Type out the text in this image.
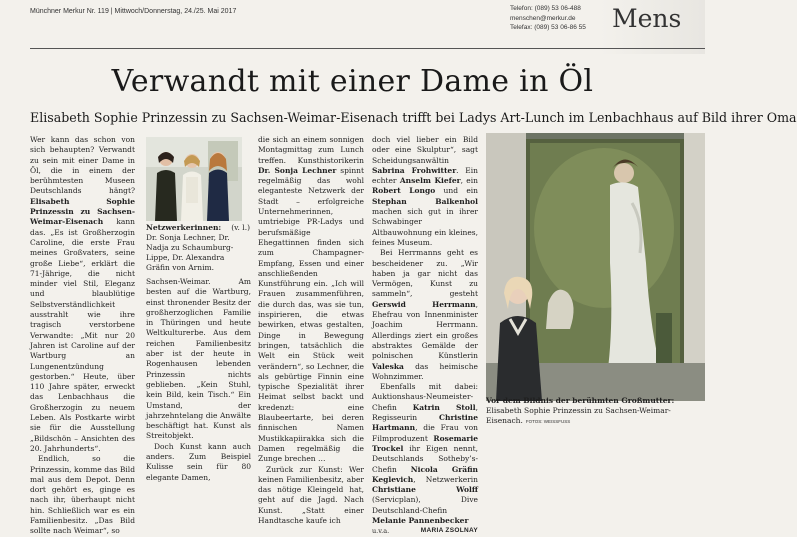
Münchner Merkur Nr. 119 | Mittwoch/Donnerstag, 24./25. Mai 2017	Telefon: (089) 53 06-488
menschen@merkur.de
Telefax: (089) 53 06-86 55 Mens
Verwandt mit einer Dame in Öl
Elisabeth Sophie Prinzessin zu Sachsen-Weimar-Eisenach trifft bei Ladys Art-Lunch im Lenbachhaus auf Bild ihrer Oma

Wer kann das schon von sich behaupten? Verwandt zu sein mit einer Dame in Öl, die in einem der berühmtesten Museen Deutschlands hängt? Elisabeth Sophie Prinzessin zu Sachsen-Weimar-Eisenach kann das. „Es ist Großherzogin Caroline, die erste Frau meines Großvaters, seine große Liebe“, erklärt die 71-Jährige, die nicht minder viel Stil, Eleganz und blaublütige Selbstverständlichkeit ausstrahlt wie ihre tragisch verstorbene Verwandte: „Mit nur 20 Jahren ist Caroline auf der Wartburg an Lungenentzündung gestorben.“ Heute, über 110 Jahre später, erweckt das Lenbachhaus die Großherzogin zu neuem Leben. Als Postkarte wirbt sie für die Ausstellung „Bildschön – Ansichten des 20. Jahrhunderts“.

Endlich, so die Prinzessin, komme das Bild mal aus dem Depot. Denn dort gehört es, ginge es nach ihr, überhaupt nicht hin. Schließlich war es ein Familienbesitz. „Das Bild sollte nach Weimar“, so

Netzwerkerinnen: (v. l.)

Dr. Sonja Lechner, Dr. Nadja zu Schaumburg-Lippe, Dr. Alexandra Gräfin von Arnim.

Sachsen-Weimar. Am besten auf die Wartburg, einst thronender Besitz der großherzoglichen Familie in Thüringen und heute Weltkulturerbe. Aus dem reichen Familienbesitz aber ist der heute in Rogenhausen lebenden Prinzessin nichts geblieben. „Kein Stuhl, kein Bild, kein Tisch.“ Ein Umstand, der jahrzehntelang die Anwälte beschäftigt hat. Kunst als Streitobjekt.

Doch Kunst kann auch anders. Zum Beispiel Kulisse sein für 80 elegante Damen,

die sich an einem sonnigen Montagmittag zum Lunch treffen. Kunsthistorikerin Dr. Sonja Lechner spinnt regelmäßig das wohl eleganteste Netzwerk der Stadt – erfolgreiche Unternehmerinnen, umtriebige PR-Ladys und berufsmäßige Ehegattinnen finden sich zum Champagner-Empfang, Essen und einer anschließenden Kunstführung ein. „Ich will Frauen zusammenführen, die durch das, was sie tun, inspirieren, die etwas bewirken, etwas gestalten, Dinge in Bewegung bringen, tatsächlich die Welt ein Stück weit verändern“, so Lechner, die als gebürtige Finnin eine typische Spezialität ihrer Heimat selbst backt und kredenzt: eine Blaubeertarte, bei deren finnischen Namen Mustikkapiirakka sich die Damen regelmäßig die Zunge brechen …

Zurück zur Kunst: Wer keinen Familienbesitz, aber das nötige Kleingeld hat, geht auf die Jagd. Nach Kunst. „Statt einer Handtasche kaufe ich

doch viel lieber ein Bild oder eine Skulptur“, sagt Scheidungsanwältin Sabrina Frohwitter. Ein echter Anselm Kiefer, ein Robert Longo und ein Stephan Balkenhol machen sich gut in ihrer Schwabinger Altbauwohnung ein kleines, feines Museum.

Bei Herrmanns geht es bescheidener zu. „Wir haben ja gar nicht das Vermögen, Kunst zu sammeln“, gesteht Gerswid Herrmann, Ehefrau von Innenminister Joachim Herrmann. Allerdings ziert ein großes abstraktes Gemälde der polnischen Künstlerin Valeska das heimische Wohnzimmer.

Ebenfalls mit dabei: Auktionshaus-Neumeister-Chefin Katrin Stoll, Regisseurin Christine Hartmann, die Frau von Filmproduzent Rosemarie Trockel ihr Eigen nennt, Deutschlands Sotheby’s-Chefin Nicola Gräfin Keglevich, Netzwerkerin Christiane Wolff (Servicplan), Dive Deutschland-Chefin Melanie Pannenbecker

u.v.a.	MARIA ZSOLNAY

Vor dem Bildnis der berühmten Großmutter: Elisabeth Sophie Prinzessin zu Sachsen-Weimar-Eisenach. FOTOS: WEISSFUSS
